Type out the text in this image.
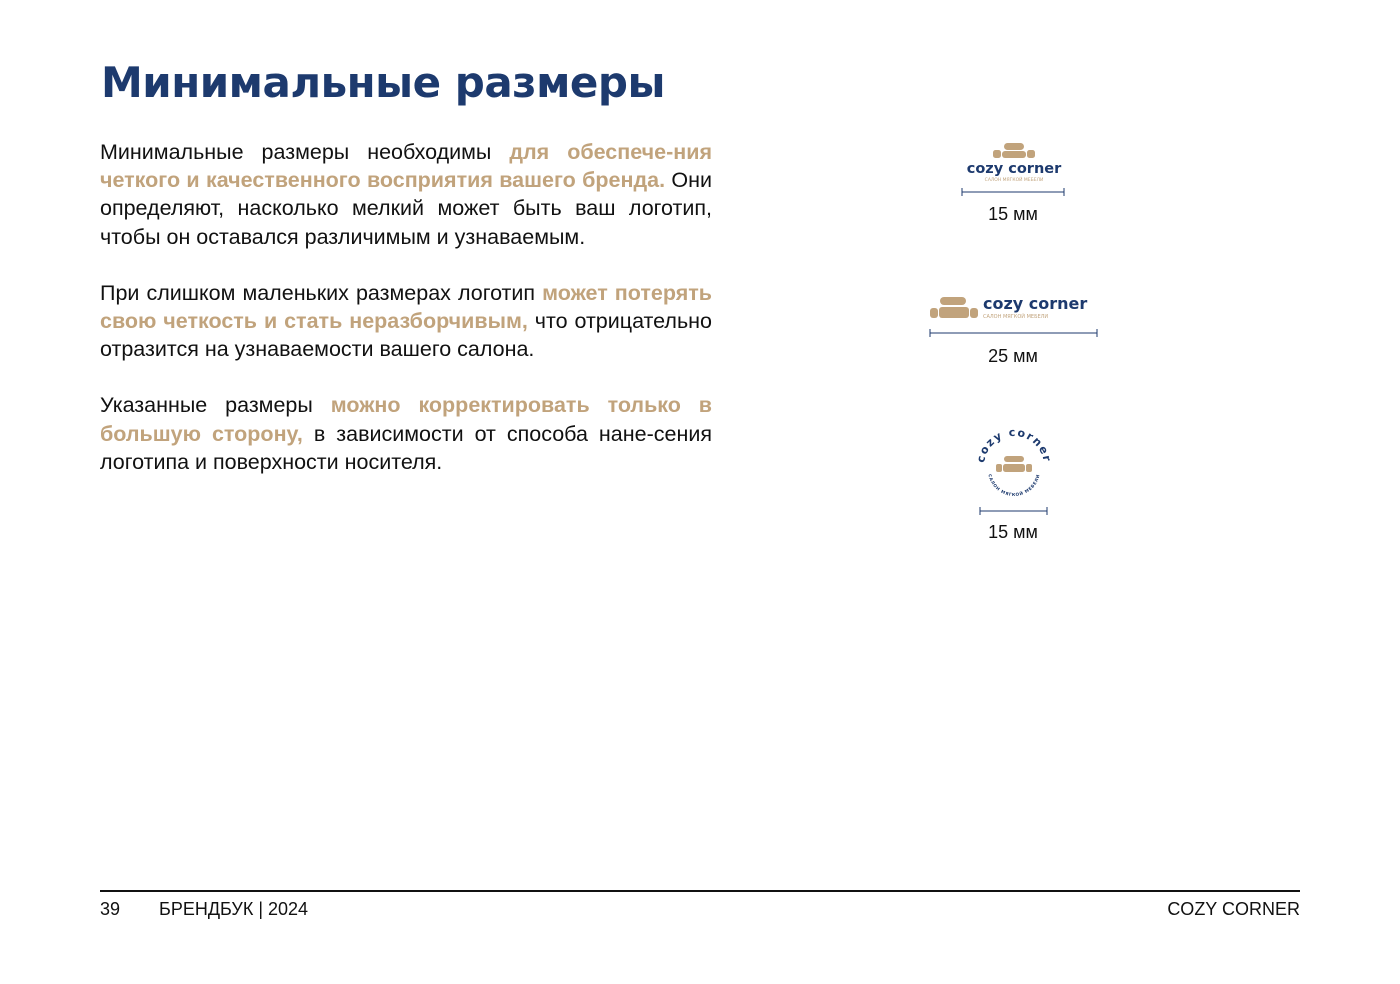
Минимальные размеры

Минимальные размеры необходимы для обеспече-ния четкого и качественного восприятия вашего бренда. Они определяют, насколько мелкий может быть ваш логотип, чтобы он оставался различимым и узнаваемым.

При слишком маленьких размерах логотип может потерять свою четкость и стать неразборчивым, что отрицательно отразится на узнаваемости вашего салона.

Указанные размеры можно корректировать только в большую сторону, в зависимости от способа нане-сения логотипа и поверхности носителя.

cozy corner
САЛОН МЯГКОЙ МЕБЕЛИ
15 мм
cozy corner
САЛОН МЯГКОЙ МЕБЕЛИ
25 мм
cozy corner
САЛОН МЯГКОЙ МЕБЕЛИ
15 мм
39 БРЕНДБУК | 2024	COZY CORNER
